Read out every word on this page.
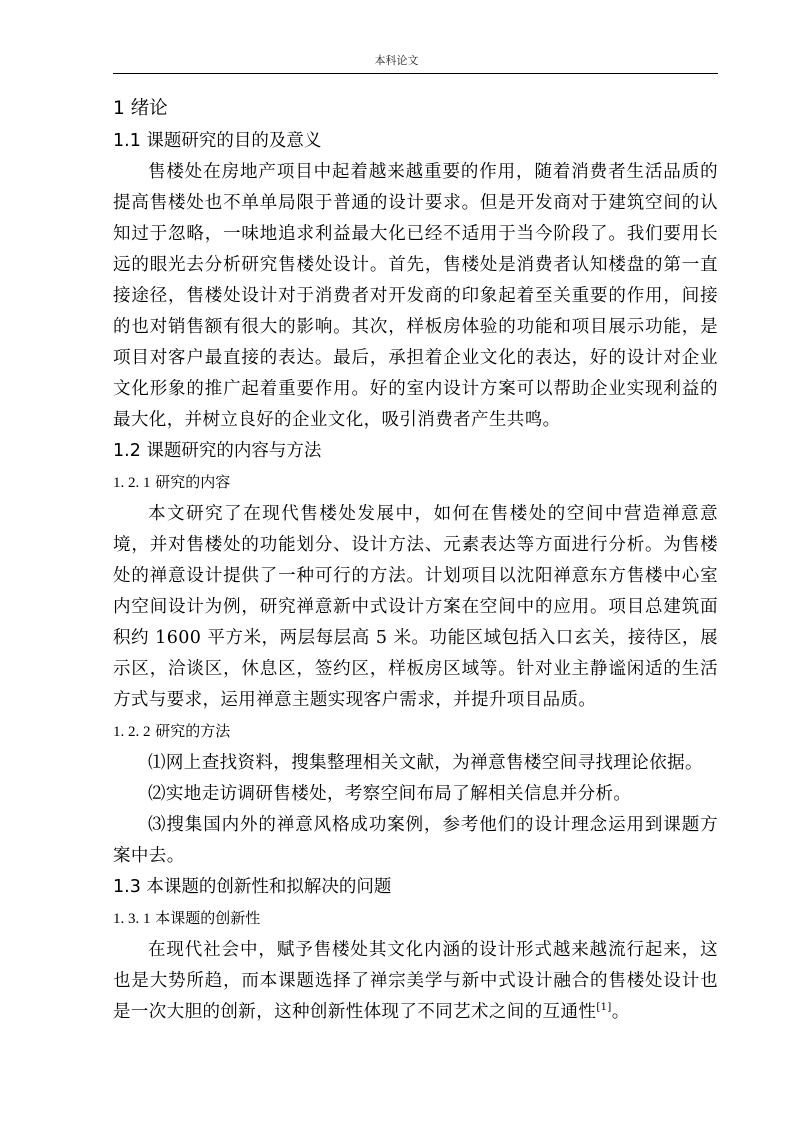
本科论文
1 绪论
1.1 课题研究的目的及意义

售楼处在房地产项目中起着越来越重要的作用，随着消费者生活品质的提高售楼处也不单单局限于普通的设计要求。但是开发商对于建筑空间的认知过于忽略，一味地追求利益最大化已经不适用于当今阶段了。我们要用长远的眼光去分析研究售楼处设计。首先，售楼处是消费者认知楼盘的第一直接途径，售楼处设计对于消费者对开发商的印象起着至关重要的作用，间接的也对销售额有很大的影响。其次，样板房体验的功能和项目展示功能，是项目对客户最直接的表达。最后，承担着企业文化的表达，好的设计对企业文化形象的推广起着重要作用。好的室内设计方案可以帮助企业实现利益的最大化，并树立良好的企业文化，吸引消费者产生共鸣。

1.2 课题研究的内容与方法
1. 2. 1 研究的内容

本文研究了在现代售楼处发展中，如何在售楼处的空间中营造禅意意境，并对售楼处的功能划分、设计方法、元素表达等方面进行分析。为售楼处的禅意设计提供了一种可行的方法。计划项目以沈阳禅意东方售楼中心室内空间设计为例，研究禅意新中式设计方案在空间中的应用。项目总建筑面积约 1600 平方米，两层每层高 5 米。功能区域包括入口玄关，接待区，展示区，洽谈区，休息区，签约区，样板房区域等。针对业主静谧闲适的生活方式与要求，运用禅意主题实现客户需求，并提升项目品质。

1. 2. 2 研究的方法

⑴网上查找资料，搜集整理相关文献，为禅意售楼空间寻找理论依据。

⑵实地走访调研售楼处，考察空间布局了解相关信息并分析。

⑶搜集国内外的禅意风格成功案例，参考他们的设计理念运用到课题方案中去。

1.3 本课题的创新性和拟解决的问题
1. 3. 1 本课题的创新性

在现代社会中，赋予售楼处其文化内涵的设计形式越来越流行起来，这也是大势所趋，而本课题选择了禅宗美学与新中式设计融合的售楼处设计也是一次大胆的创新，这种创新性体现了不同艺术之间的互通性[1]。
